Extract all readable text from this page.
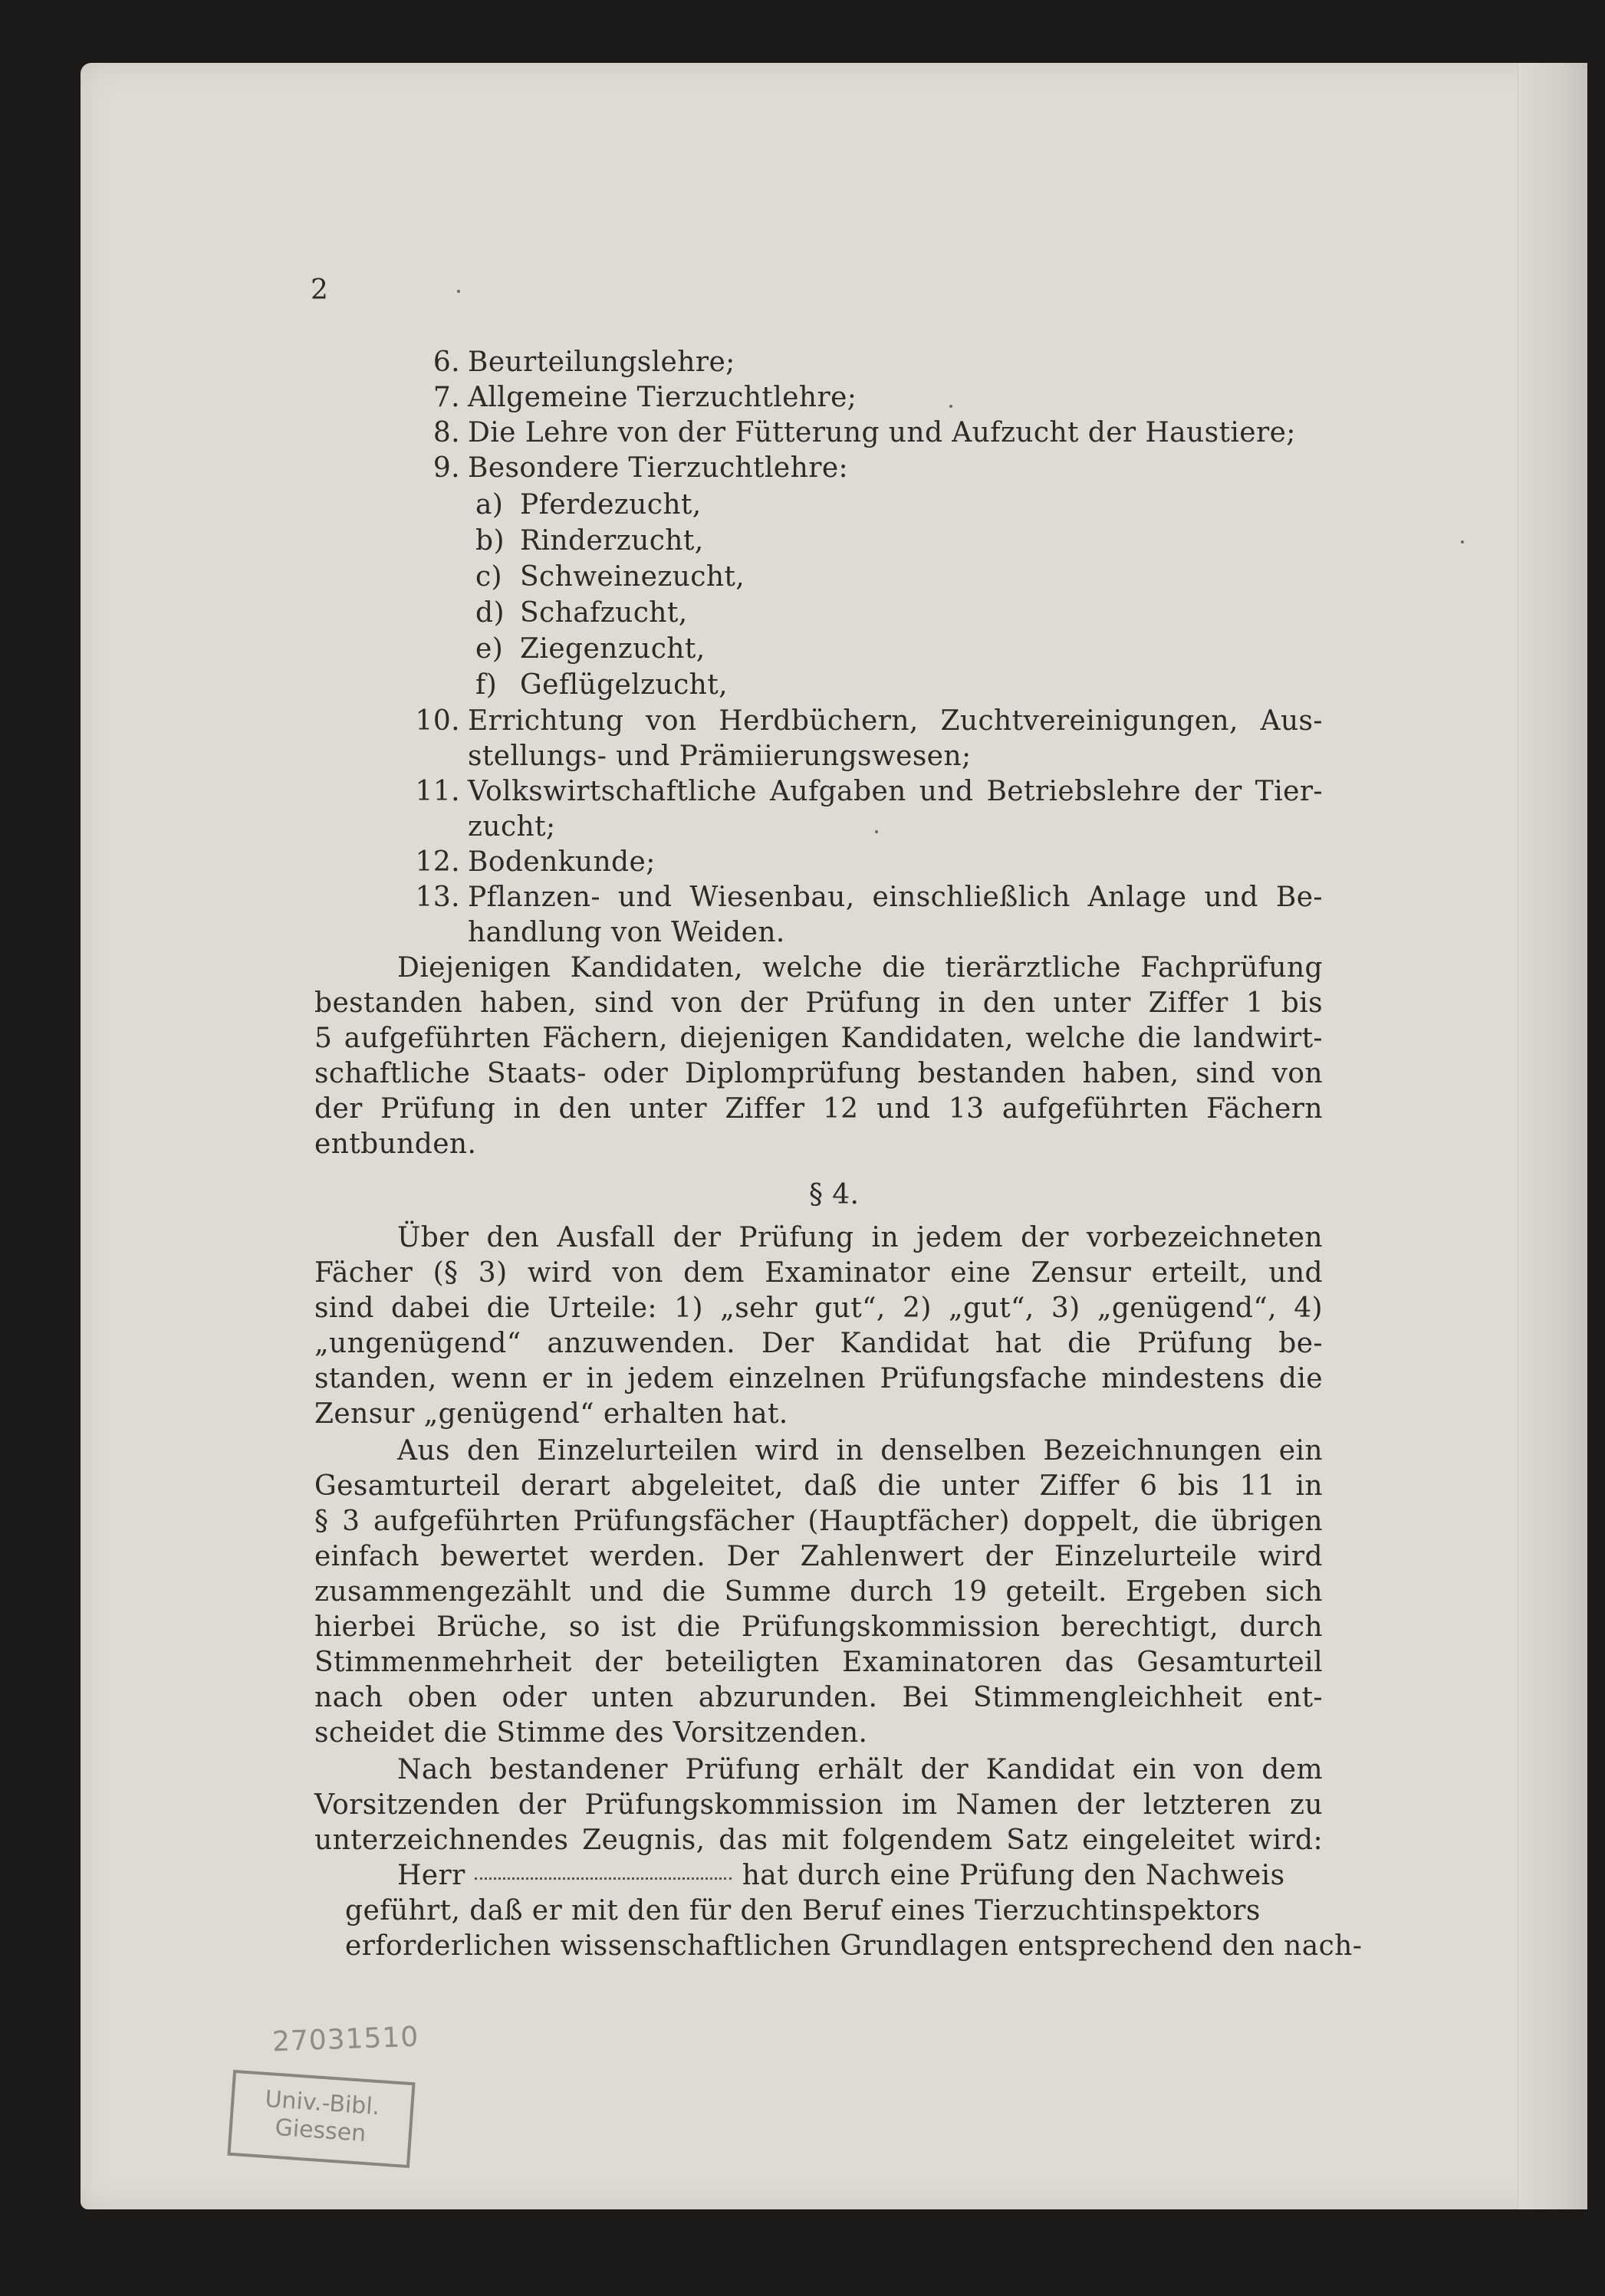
2
6. Beurteilungslehre;
7. Allgemeine Tierzuchtlehre;
8. Die Lehre von der Fütterung und Aufzucht der Haustiere;
9. Besondere Tierzuchtlehre:
a) Pferdezucht,
b) Rinderzucht,
c) Schweinezucht,
d) Schafzucht,
e) Ziegenzucht,
f) Geflügelzucht,
10. Errichtung von Herdbüchern, Zuchtvereinigungen, Aus-
stellungs- und Prämiierungswesen;
11. Volkswirtschaftliche Aufgaben und Betriebslehre der Tier-
zucht;
12. Bodenkunde;
13. Pflanzen- und Wiesenbau, einschließlich Anlage und Be-
handlung von Weiden.
Diejenigen Kandidaten, welche die tierärztliche Fachprüfung
bestanden haben, sind von der Prüfung in den unter Ziffer 1 bis
5 aufgeführten Fächern, diejenigen Kandidaten, welche die landwirt-
schaftliche Staats- oder Diplomprüfung bestanden haben, sind von
der Prüfung in den unter Ziffer 12 und 13 aufgeführten Fächern
entbunden.
§ 4.
Über den Ausfall der Prüfung in jedem der vorbezeichneten
Fächer (§ 3) wird von dem Examinator eine Zensur erteilt, und
sind dabei die Urteile: 1) „sehr gut“, 2) „gut“, 3) „genügend“, 4)
„ungenügend“ anzuwenden. Der Kandidat hat die Prüfung be-
standen, wenn er in jedem einzelnen Prüfungsfache mindestens die
Zensur „genügend“ erhalten hat.
Aus den Einzelurteilen wird in denselben Bezeichnungen ein
Gesamturteil derart abgeleitet, daß die unter Ziffer 6 bis 11 in
§ 3 aufgeführten Prüfungsfächer (Hauptfächer) doppelt, die übrigen
einfach bewertet werden. Der Zahlenwert der Einzelurteile wird
zusammengezählt und die Summe durch 19 geteilt. Ergeben sich
hierbei Brüche, so ist die Prüfungskommission berechtigt, durch
Stimmenmehrheit der beteiligten Examinatoren das Gesamturteil
nach oben oder unten abzurunden. Bei Stimmengleichheit ent-
scheidet die Stimme des Vorsitzenden.
Nach bestandener Prüfung erhält der Kandidat ein von dem
Vorsitzenden der Prüfungskommission im Namen der letzteren zu
unterzeichnendes Zeugnis, das mit folgendem Satz eingeleitet wird:
Herr	hat durch eine Prüfung den Nachweis
geführt, daß er mit den für den Beruf eines Tierzuchtinspektors
erforderlichen wissenschaftlichen Grundlagen entsprechend den nach-
27031510
Univ.-Bibl.
Giessen
